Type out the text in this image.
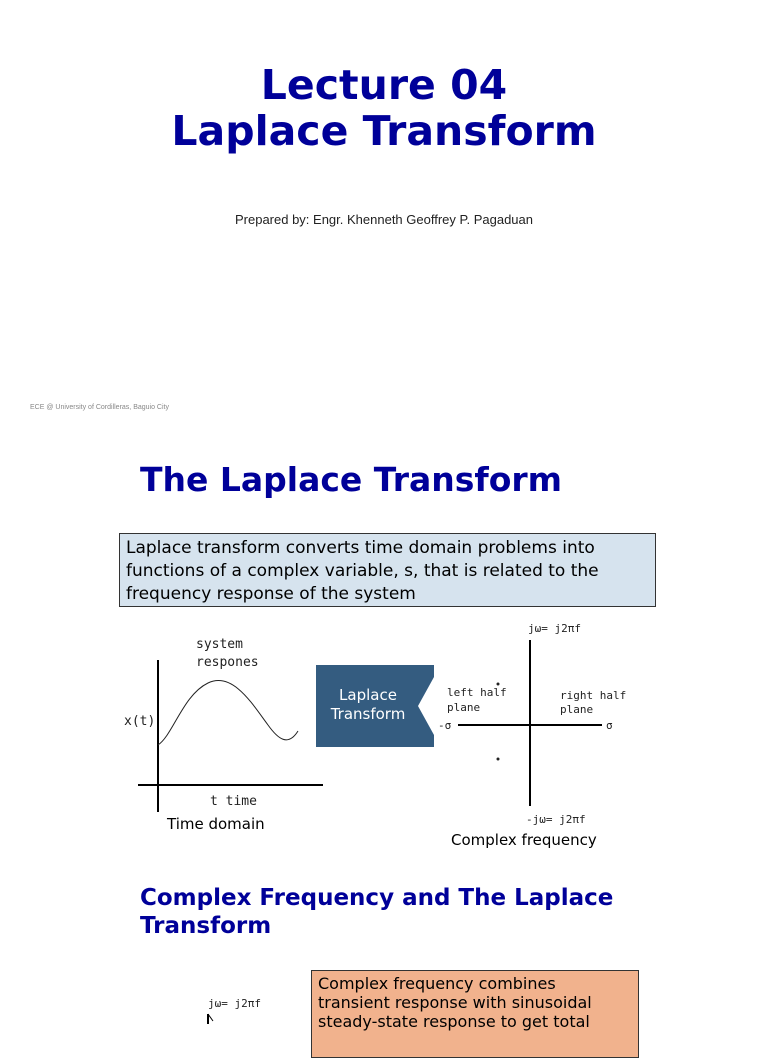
Lecture 04
Laplace Transform
Prepared by: Engr. Khenneth Geoffrey P. Pagaduan
ECE @ University of Cordilleras, Baguio City
The Laplace Transform
Laplace transform converts time domain problems into functions of a complex variable, s, that is related to the frequency response of the system
system
respones
x(t)
t time
Time domain
Laplace
Transform
jω= j2πf
-jω= j2πf
left half
plane
right half
plane
-σ	σ
Complex frequency
Complex Frequency and The Laplace Transform
jω= j2πf
Complex frequency combines transient response with sinusoidal steady-state response to get total
